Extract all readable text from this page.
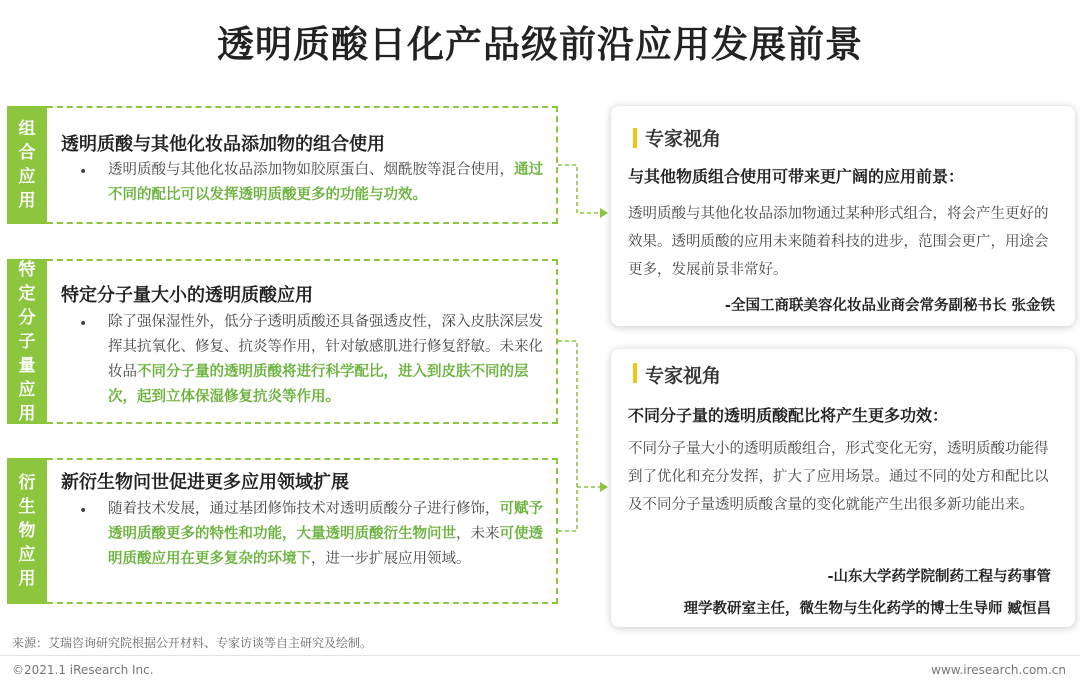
透明质酸日化产品级前沿应用发展前景
组
合
应
用
透明质酸与其他化妆品添加物的组合使用
• 透明质酸与其他化妆品添加物如胶原蛋白、烟酰胺等混合使用，通过不同的配比可以发挥透明质酸更多的功能与功效。
特
定
分
子
量
应
用
特定分子量大小的透明质酸应用
• 除了强保湿性外，低分子透明质酸还具备强透皮性，深入皮肤深层发挥其抗氧化、修复、抗炎等作用，针对敏感肌进行修复舒敏。未来化妆品不同分子量的透明质酸将进行科学配比，进入到皮肤不同的层次，起到立体保湿修复抗炎等作用。
衍
生
物
应
用
新衍生物问世促进更多应用领域扩展
• 随着技术发展，通过基团修饰技术对透明质酸分子进行修饰，可赋予透明质酸更多的特性和功能，大量透明质酸衍生物问世，未来可使透明质酸应用在更多复杂的环境下，进一步扩展应用领域。
专家视角
与其他物质组合使用可带来更广阔的应用前景：
透明质酸与其他化妆品添加物通过某种形式组合，将会产生更好的效果。透明质酸的应用未来随着科技的进步，范围会更广，用途会更多，发展前景非常好。
-全国工商联美容化妆品业商会常务副秘书长 张金铁
专家视角
不同分子量的透明质酸配比将产生更多功效：
不同分子量大小的透明质酸组合，形式变化无穷，透明质酸功能得到了优化和充分发挥，扩大了应用场景。通过不同的处方和配比以及不同分子量透明质酸含量的变化就能产生出很多新功能出来。
-山东大学药学院制药工程与药事管
理学教研室主任，微生物与生化药学的博士生导师 臧恒昌
来源：艾瑞咨询研究院根据公开材料、专家访谈等自主研究及绘制。
©2021.1 iResearch Inc.	www.iresearch.com.cn
